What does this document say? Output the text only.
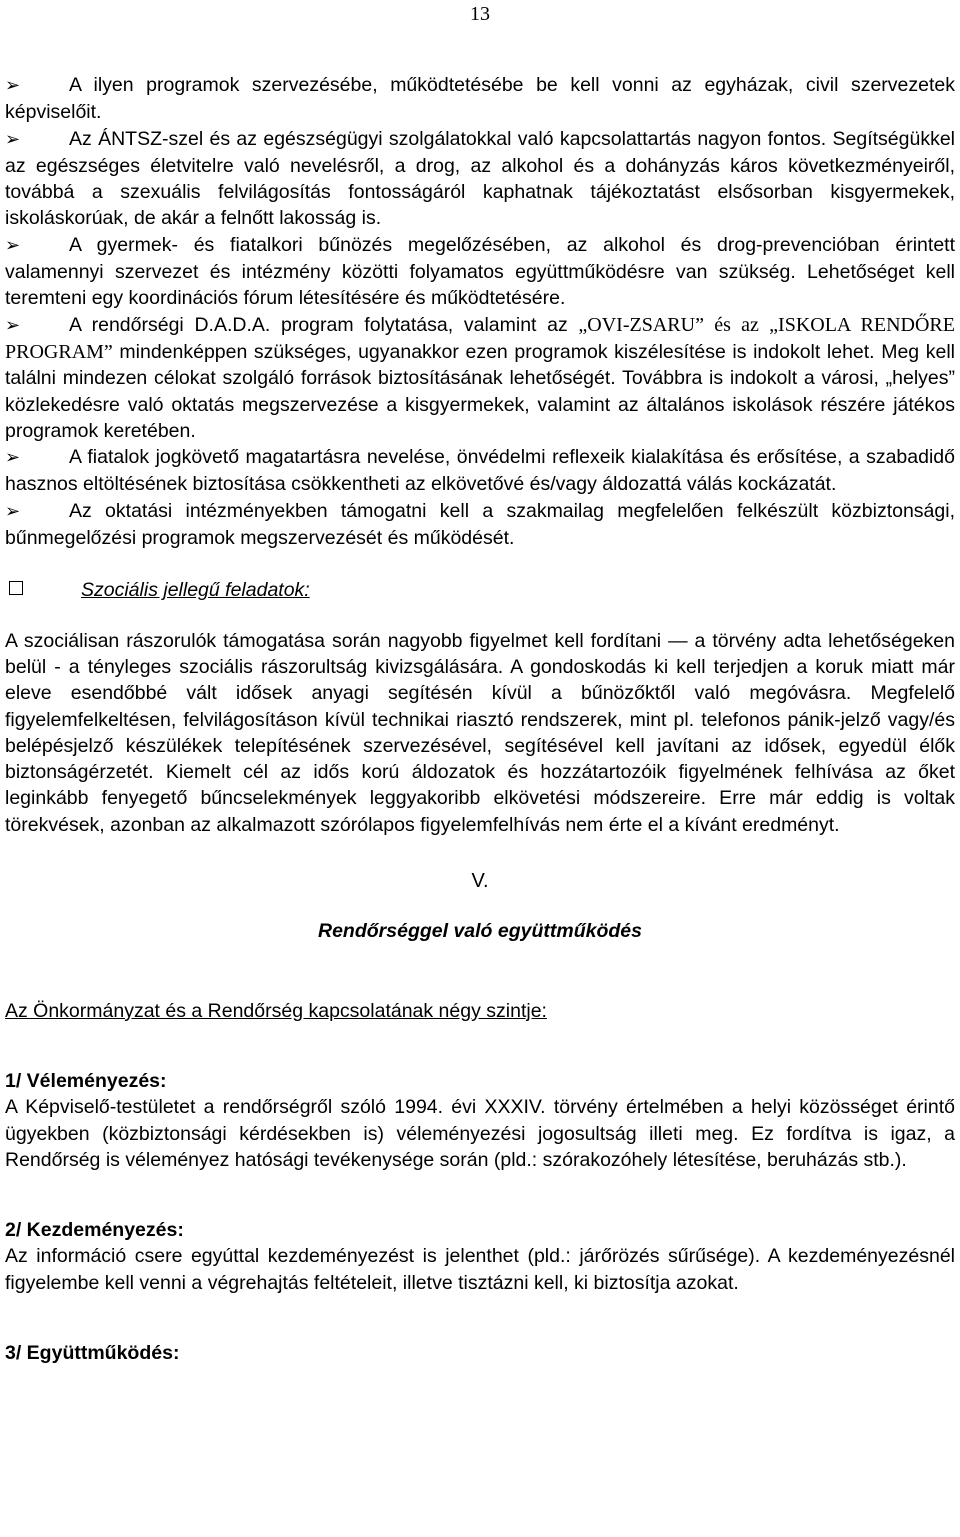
13

➢	A ilyen programok szervezésébe, működtetésébe be kell vonni az egyházak, civil szervezetek képviselőit.

➢	Az ÁNTSZ-szel és az egészségügyi szolgálatokkal való kapcsolattartás nagyon fontos. Segítségükkel az egészséges életvitelre való nevelésről, a drog, az alkohol és a dohányzás káros következményeiről, továbbá a szexuális felvilágosítás fontosságáról kaphatnak tájékoztatást elsősorban kisgyermekek, iskoláskorúak, de akár a felnőtt lakosság is.

➢	A gyermek- és fiatalkori bűnözés megelőzésében, az alkohol és drog-prevencióban érintett valamennyi szervezet és intézmény közötti folyamatos együttműködésre van szükség. Lehetőséget kell teremteni egy koordinációs fórum létesítésére és működtetésére.

➢	A rendőrségi D.A.D.A. program folytatása, valamint az „OVI-ZSARU” és az „ISKOLA RENDŐRE PROGRAM” mindenképpen szükséges, ugyanakkor ezen programok kiszélesítése is indokolt lehet. Meg kell találni mindezen célokat szolgáló források biztosításának lehetőségét. Továbbra is indokolt a városi, „helyes” közlekedésre való oktatás megszervezése a kisgyermekek, valamint az általános iskolások részére játékos programok keretében.

➢	A fiatalok jogkövető magatartásra nevelése, önvédelmi reflexeik kialakítása és erősítése, a szabadidő hasznos eltöltésének biztosítása csökkentheti az elkövetővé és/vagy áldozattá válás kockázatát.

➢	Az oktatási intézményekben támogatni kell a szakmailag megfelelően felkészült közbiztonsági, bűnmegelőzési programok megszervezését és működését.

Szociális jellegű feladatok:

A szociálisan rászorulók támogatása során nagyobb figyelmet kell fordítani — a törvény adta lehetőségeken belül - a tényleges szociális rászorultság kivizsgálására. A gondoskodás ki kell terjedjen a koruk miatt már eleve esendőbbé vált idősek anyagi segítésén kívül a bűnözőktől való megóvásra. Megfelelő figyelemfelkeltésen, felvilágosításon kívül technikai riasztó rendszerek, mint pl. telefonos pánik-jelző vagy/és belépésjelző készülékek telepítésének szervezésével, segítésével kell javítani az idősek, egyedül élők biztonságérzetét. Kiemelt cél az idős korú áldozatok és hozzátartozóik figyelmének felhívása az őket leginkább fenyegető bűncselekmények leggyakoribb elkövetési módszereire. Erre már eddig is voltak törekvések, azonban az alkalmazott szórólapos figyelemfelhívás nem érte el a kívánt eredményt.

V.

Rendőrséggel való együttműködés

Az Önkormányzat és a Rendőrség kapcsolatának négy szintje:

1/ Véleményezés:

A Képviselő-testületet a rendőrségről szóló 1994. évi XXXIV. törvény értelmében a helyi közösséget érintő ügyekben (közbiztonsági kérdésekben is) véleményezési jogosultság illeti meg. Ez fordítva is igaz, a Rendőrség is véleményez hatósági tevékenysége során (pld.: szórakozóhely létesítése, beruházás stb.).

2/ Kezdeményezés:

Az információ csere egyúttal kezdeményezést is jelenthet (pld.: járőrözés sűrűsége). A kezdeményezésnél figyelembe kell venni a végrehajtás feltételeit, illetve tisztázni kell, ki biztosítja azokat.

3/ Együttműködés:
